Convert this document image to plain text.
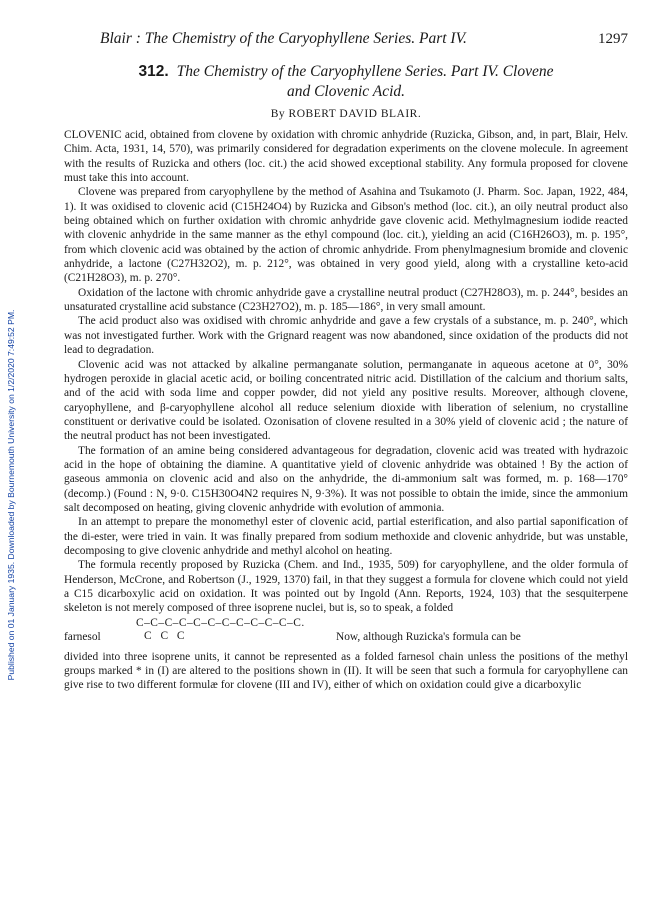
Published on 01 January 1935. Downloaded by Bournemouth University on 1/2/2020 7:49:52 PM.
Blair : The Chemistry of the Caryophyllene Series. Part IV.	1297
312. The Chemistry of the Caryophyllene Series. Part IV. Clovene
and Clovenic Acid.
By ROBERT DAVID BLAIR.

CLOVENIC acid, obtained from clovene by oxidation with chromic anhydride (Ruzicka, Gibson, and, in part, Blair, Helv. Chim. Acta, 1931, 14, 570), was primarily considered for degradation experiments on the clovene molecule. In agreement with the results of Ruzicka and others (loc. cit.) the acid showed exceptional stability. Any formula proposed for clovene must take this into account.

Clovene was prepared from caryophyllene by the method of Asahina and Tsukamoto (J. Pharm. Soc. Japan, 1922, 484, 1). It was oxidised to clovenic acid (C15H24O4) by Ruzicka and Gibson's method (loc. cit.), an oily neutral product also being obtained which on further oxidation with chromic anhydride gave clovenic acid. Methylmagnesium iodide reacted with clovenic anhydride in the same manner as the ethyl compound (loc. cit.), yielding an acid (C16H26O3), m. p. 195°, from which clovenic acid was obtained by the action of chromic anhydride. From phenylmagnesium bromide and clovenic anhydride, a lactone (C27H32O2), m. p. 212°, was obtained in very good yield, along with a crystalline keto-acid (C21H28O3), m. p. 270°.

Oxidation of the lactone with chromic anhydride gave a crystalline neutral product (C27H28O3), m. p. 244°, besides an unsaturated crystalline acid substance (C23H27O2), m. p. 185—186°, in very small amount.

The acid product also was oxidised with chromic anhydride and gave a few crystals of a substance, m. p. 240°, which was not investigated further. Work with the Grignard reagent was now abandoned, since oxidation of the products did not lead to degradation.

Clovenic acid was not attacked by alkaline permanganate solution, permanganate in aqueous acetone at 0°, 30% hydrogen peroxide in glacial acetic acid, or boiling concentrated nitric acid. Distillation of the calcium and thorium salts, and of the acid with soda lime and copper powder, did not yield any positive results. Moreover, although clovene, caryophyllene, and β-caryophyllene alcohol all reduce selenium dioxide with liberation of selenium, no crystalline constituent or derivative could be isolated. Ozonisation of clovene resulted in a 30% yield of clovenic acid ; the nature of the neutral product has not been investigated.

The formation of an amine being considered advantageous for degradation, clovenic acid was treated with hydrazoic acid in the hope of obtaining the diamine. A quantitative yield of clovenic anhydride was obtained ! By the action of gaseous ammonia on clovenic acid and also on the anhydride, the di-ammonium salt was formed, m. p. 168—170° (decomp.) (Found : N, 9·0. C15H30O4N2 requires N, 9·3%). It was not possible to obtain the imide, since the ammonium salt decomposed on heating, giving clovenic anhydride with evolution of ammonia.

In an attempt to prepare the monomethyl ester of clovenic acid, partial esterification, and also partial saponification of the di-ester, were tried in vain. It was finally prepared from sodium methoxide and clovenic anhydride, but was unstable, decomposing to give clovenic anhydride and methyl alcohol on heating.

The formula recently proposed by Ruzicka (Chem. and Ind., 1935, 509) for caryophyllene, and the older formula of Henderson, McCrone, and Robertson (J., 1929, 1370) fail, in that they suggest a formula for clovene which could not yield a C15 dicarboxylic acid on oxidation. It was pointed out by Ingold (Ann. Reports, 1924, 103) that the sesquiterpene skeleton is not merely composed of three isoprene nuclei, but is, so to speak, a folded

farnesol
C–C–C–C–C–C–C–C–C–C–C–C.
C C C	Now, although Ruzicka's formula can be

divided into three isoprene units, it cannot be represented as a folded farnesol chain unless the positions of the methyl groups marked * in (I) are altered to the positions shown in (II). It will be seen that such a formula for caryophyllene can give rise to two different formulæ for clovene (III and IV), either of which on oxidation could give a dicarboxylic
